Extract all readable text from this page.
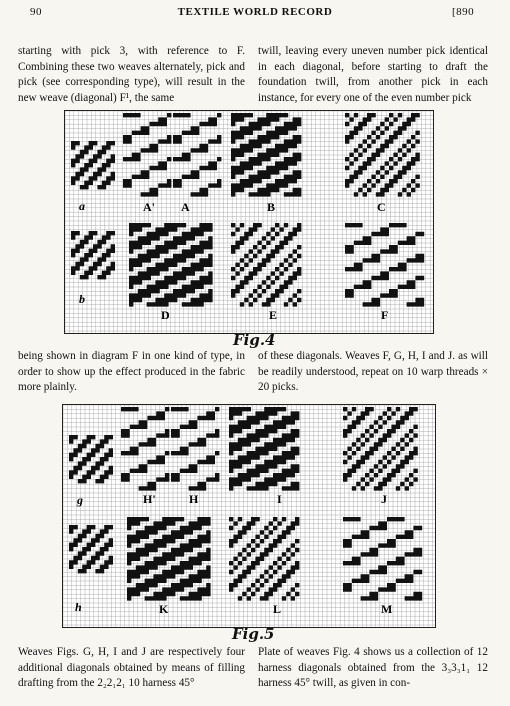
90	TEXTILE WORLD RECORD	[890
starting with pick 3, with reference to F. Combining these two weaves alternately, pick and pick (see corresponding type), will result in the new weave (diagonal) F¹, the same
twill, leaving every uneven number pick identical in each diagonal, before starting to draft the foundation twill, from another pick in each instance, for every one of the even number pick
a	A' A	B	C
b
D	E	F
Fig.4
being shown in diagram F in one kind of type, in order to show up the effect produced in the fabric more plainly.
of these diagonals. Weaves F, G, H, I and J. as will be readily understood, repeat on 10 warp threads × 20 picks.
g	H'	H	I	J
h	K	L	M
Fig.5
Weaves Figs. G, H, I and J are respectively four additional diagonals obtained by means of filling drafting from the 2₂2₁2₁ 10 harness 45°
Plate of weaves Fig. 4 shows us a collection of 12 harness diagonals obtained from the 3₃3₃1₁ 12 harness 45° twill, as given in con-
